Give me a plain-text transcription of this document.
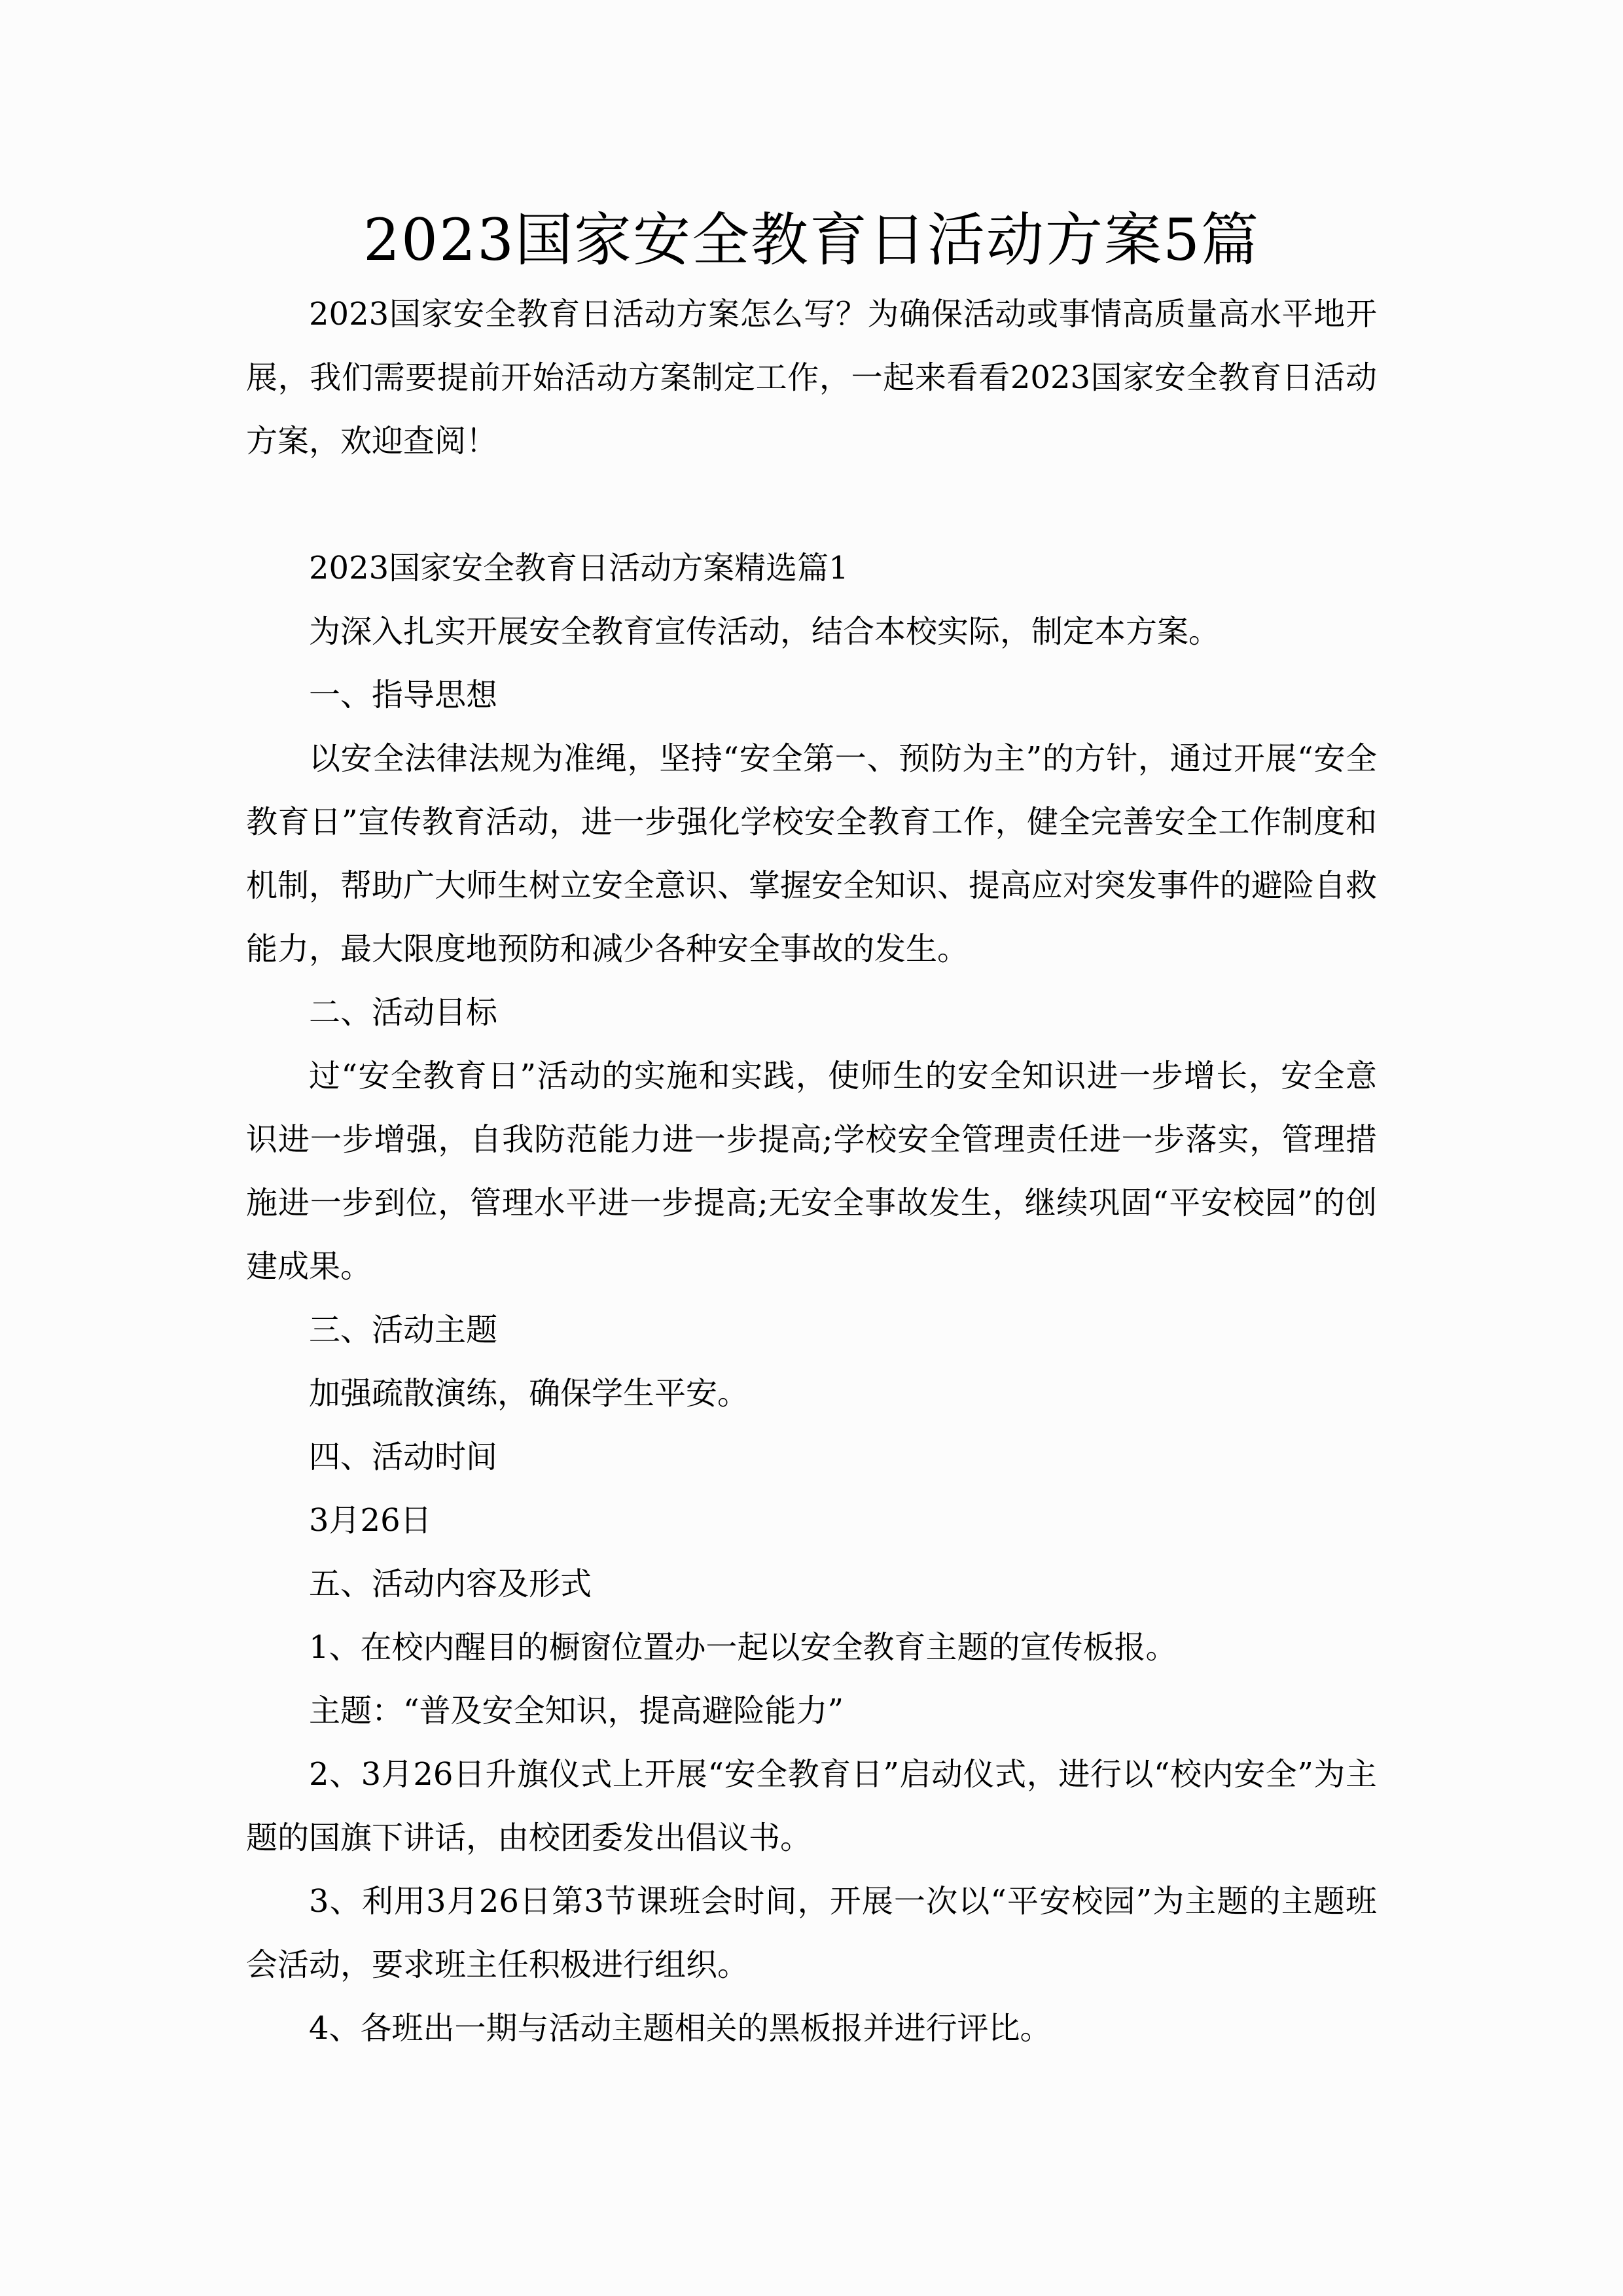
2023国家安全教育日活动方案5篇

2023国家安全教育日活动方案怎么写？为确保活动或事情高质量高水平地开展，我们需要提前开始活动方案制定工作，一起来看看2023国家安全教育日活动方案，欢迎查阅！

2023国家安全教育日活动方案精选篇1

为深入扎实开展安全教育宣传活动，结合本校实际，制定本方案。

一、指导思想

以安全法律法规为准绳，坚持“安全第一、预防为主”的方针，通过开展“安全教育日”宣传教育活动，进一步强化学校安全教育工作，健全完善安全工作制度和机制，帮助广大师生树立安全意识、掌握安全知识、提高应对突发事件的避险自救能力，最大限度地预防和减少各种安全事故的发生。

二、活动目标

过“安全教育日”活动的实施和实践，使师生的安全知识进一步增长，安全意识进一步增强，自我防范能力进一步提高;学校安全管理责任进一步落实，管理措施进一步到位，管理水平进一步提高;无安全事故发生，继续巩固“平安校园”的创建成果。

三、活动主题

加强疏散演练，确保学生平安。

四、活动时间

3月26日

五、活动内容及形式

1、在校内醒目的橱窗位置办一起以安全教育主题的宣传板报。

主题：“普及安全知识，提高避险能力”

2、3月26日升旗仪式上开展“安全教育日”启动仪式，进行以“校内安全”为主题的国旗下讲话，由校团委发出倡议书。

3、利用3月26日第3节课班会时间，开展一次以“平安校园”为主题的主题班会活动，要求班主任积极进行组织。

4、各班出一期与活动主题相关的黑板报并进行评比。
